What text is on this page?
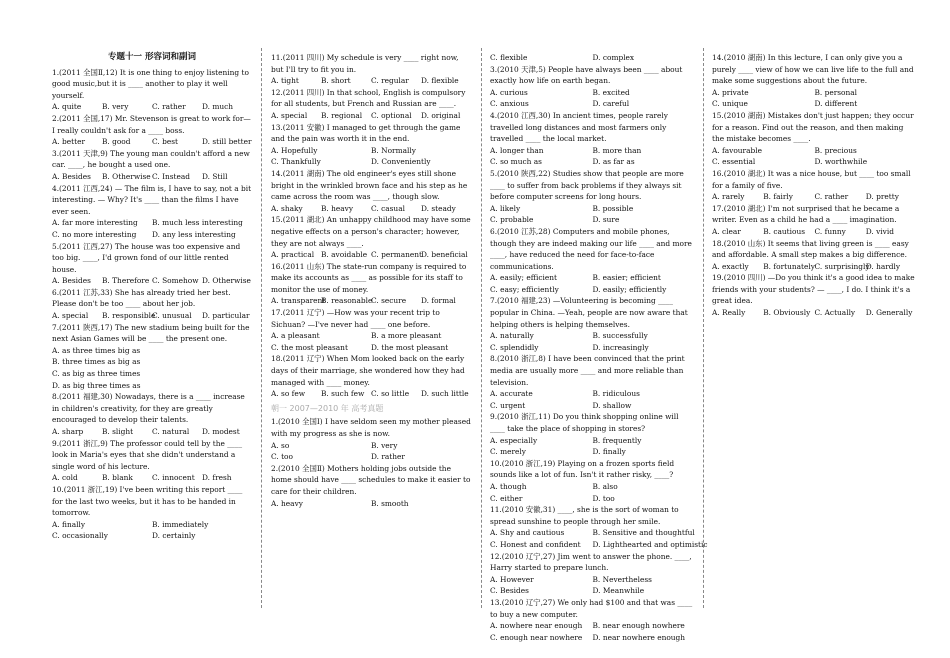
专题十一 形容词和副词
1.(2011 全国Ⅱ,12) It is one thing to enjoy listening to good music,but it is ____ another to play it well yourself.
A. quite	B. very	C. rather	D. much
2.(2011 全国,17) Mr. Stevenson is great to work for—I really couldn't ask for a ____ boss.
A. better	B. good	C. best	D. still better
3.(2011 天津,9) The young man couldn't afford a new car. ____, he bought a used one.
A. Besides	B. Otherwise C. Instead	D. Still
4.(2011 江西,24) — The film is, I have to say, not a bit interesting. — Why? It's ____ than the films I have ever seen.
A. far more interesting	B. much less interesting
C. no more interesting	D. any less interesting
5.(2011 江西,27) The house was too expensive and too big. ____, I'd grown fond of our little rented house.
A. Besides	B. Therefore C. Somehow D. Otherwise
6.(2011 江苏,33) She has already tried her best. Please don't be too ____ about her job.
A. special	B. responsible
C. unusual	D. particular
7.(2011 陕西,17) The new stadium being built for the next Asian Games will be ____ the present one.
A. as three times big as
B. three times as big as
C. as big as three times
D. as big three times as
8.(2011 福建,30) Nowadays, there is a ____ increase in children's creativity, for they are greatly encouraged to develop their talents.
A. sharp	B. slight	C. natural	D. modest
9.(2011 浙江,9) The professor could tell by the ____ look in Maria's eyes that she didn't understand a single word of his lecture.
A. cold	B. blank	C. innocent D. fresh
10.(2011 浙江,19) I've been writing this report ____ for the last two weeks, but it has to be handed in tomorrow.
A. finally	B. immediately
C. occasionally	D. certainly
11.(2011 四川) My schedule is very ____ right now, but I'll try to fit you in.
A. tight	B. short	C. regular	D. flexible
12.(2011 四川) In that school, English is compulsory for all students, but French and Russian are ____.
A. special	B. regional	C. optional	D. original
13.(2011 安徽) I managed to get through the game and the pain was worth it in the end.
A. Hopefully	B. Normally
C. Thankfully	D. Conveniently
14.(2011 湖南) The old engineer's eyes still shone bright in the wrinkled brown face and his step as he came across the room was ____, though slow.
A. shaky	B. heavy	C. casual	D. steady
15.(2011 湖北) An unhappy childhood may have some negative effects on a person's character; however, they are not always ____.
A. practical B. avoidable C. permanent
D. beneficial
16.(2011 山东) The state-run company is required to make its accounts as ____ as possible for its staff to monitor the use of money.
A. transparent
B. reasonable
C. secure	D. formal
17.(2011 辽宁) —How was your recent trip to Sichuan? —I've never had ____ one before.
A. a pleasant	B. a more pleasant
C. the most pleasant	D. the most pleasant
18.(2011 辽宁) When Mom looked back on the early days of their marriage, she wondered how they had managed with ____ money.
A. so few	B. such few C. so little	D. such little
朝一 2007—2010 年 高考真题
1.(2010 全国Ⅰ) I have seldom seen my mother pleased with my progress as she is now.
A. so	B. very
C. too	D. rather
2.(2010 全国Ⅱ) Mothers holding jobs outside the home should have ____ schedules to make it easier to care for their children.
A. heavy	B. smooth
C. flexible	D. complex
3.(2010 天津,5) People have always been ____ about exactly how life on earth began.
A. curious	B. excited
C. anxious	D. careful
4.(2010 江西,30) In ancient times, people rarely travelled long distances and most farmers only travelled ____ the local market.
A. longer than	B. more than
C. so much as	D. as far as
5.(2010 陕西,22) Studies show that people are more ____ to suffer from back problems if they always sit before computer screens for long hours.
A. likely	B. possible
C. probable	D. sure
6.(2010 江苏,28) Computers and mobile phones, though they are indeed making our life ____ and more ____, have reduced the need for face-to-face communications.
A. easily; efficient	B. easier; efficient
C. easy; efficiently	D. easily; efficiently
7.(2010 福建,23) —Volunteering is becoming ____ popular in China. —Yeah, people are now aware that helping others is helping themselves.
A. naturally	B. successfully
C. splendidly	D. increasingly
8.(2010 浙江,8) I have been convinced that the print media are usually more ____ and more reliable than television.
A. accurate	B. ridiculous
C. urgent	D. shallow
9.(2010 浙江,11) Do you think shopping online will ____ take the place of shopping in stores?
A. especially	B. frequently
C. merely	D. finally
10.(2010 浙江,19) Playing on a frozen sports field sounds like a lot of fun. Isn't it rather risky, ____?
A. though	B. also
C. either	D. too
11.(2010 安徽,31) ____, she is the sort of woman to spread sunshine to people through her smile.
A. Shy and cautious	B. Sensitive and thoughtful
C. Honest and confident	D. Lighthearted and optimistic
12.(2010 辽宁,27) Jim went to answer the phone. ____, Harry started to prepare lunch.
A. However	B. Nevertheless
C. Besides	D. Meanwhile
13.(2010 辽宁,27) We only had $100 and that was ____ to buy a new computer.
A. nowhere near enough	B. near enough nowhere
C. enough near nowhere	D. near nowhere enough
14.(2010 湖南) In this lecture, I can only give you a purely ____ view of how we can live life to the full and make some suggestions about the future.
A. private	B. personal
C. unique	D. different
15.(2010 湖南) Mistakes don't just happen; they occur for a reason. Find out the reason, and then making the mistake becomes ____.
A. favourable	B. precious
C. essential	D. worthwhile
16.(2010 湖北) It was a nice house, but ____ too small for a family of five.
A. rarely	B. fairly	C. rather	D. pretty
17.(2010 湖北) I'm not surprised that he became a writer. Even as a child he had a ____ imagination.
A. clear	B. cautious	C. funny	D. vivid
18.(2010 山东) It seems that living green is ____ easy and affordable. A small step makes a big difference.
A. exactly	B. fortunately C. surprisingly
D. hardly
19.(2010 四川) —Do you think it's a good idea to make friends with your students? — ____, I do. I think it's a great idea.
A. Really	B. Obviously C. Actually	D. Generally
